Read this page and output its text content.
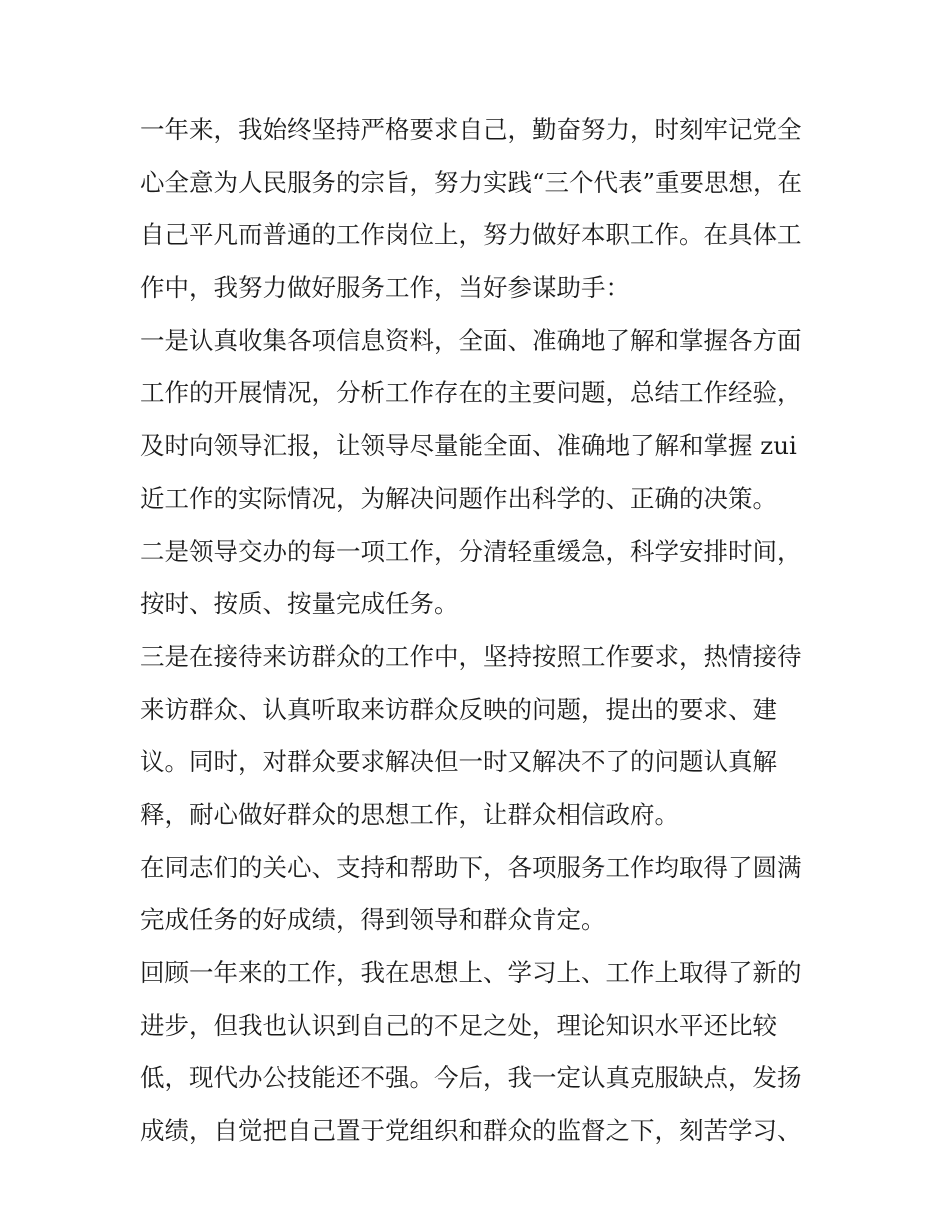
一年来，我始终坚持严格要求自己，勤奋努力，时刻牢记党全
心全意为人民服务的宗旨，努力实践“三个代表”重要思想，在
自己平凡而普通的工作岗位上，努力做好本职工作。在具体工
作中，我努力做好服务工作，当好参谋助手：
一是认真收集各项信息资料，全面、准确地了解和掌握各方面
工作的开展情况，分析工作存在的主要问题，总结工作经验，
及时向领导汇报，让领导尽量能全面、准确地了解和掌握 zui
近工作的实际情况，为解决问题作出科学的、正确的决策。
二是领导交办的每一项工作，分清轻重缓急，科学安排时间，
按时、按质、按量完成任务。
三是在接待来访群众的工作中，坚持按照工作要求，热情接待
来访群众、认真听取来访群众反映的问题，提出的要求、建
议。同时，对群众要求解决但一时又解决不了的问题认真解
释，耐心做好群众的思想工作，让群众相信政府。
在同志们的关心、支持和帮助下，各项服务工作均取得了圆满
完成任务的好成绩，得到领导和群众肯定。
回顾一年来的工作，我在思想上、学习上、工作上取得了新的
进步，但我也认识到自己的不足之处，理论知识水平还比较
低，现代办公技能还不强。今后，我一定认真克服缺点，发扬
成绩，自觉把自己置于党组织和群众的监督之下，刻苦学习、
